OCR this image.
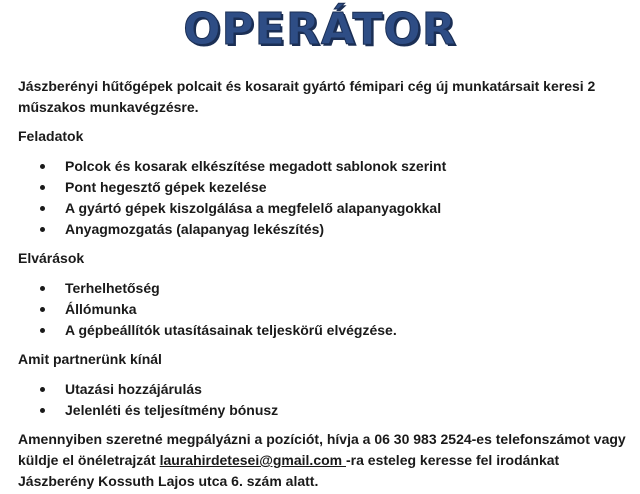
OPERÁTOR

Jászberényi hűtőgépek polcait és kosarait gyártó fémipari cég új munkatársait keresi 2 műszakos munkavégzésre.

Feladatok

Polcok és kosarak elkészítése megadott sablonok szerint
Pont hegesztő gépek kezelése
A gyártó gépek kiszolgálása a megfelelő alapanyagokkal
Anyagmozgatás (alapanyag lekészítés)

Elvárások

Terhelhetőség
Állómunka
A gépbeállítók utasításainak teljeskörű elvégzése.

Amit partnerünk kínál

Utazási hozzájárulás
Jelenléti és teljesítmény bónusz

Amennyiben szeretné megpályázni a pozíciót, hívja a 06 30 983 2524-es telefonszámot vagy küldje el önéletrajzát laurahirdetesei@gmail.com -ra esteleg keresse fel irodánkat Jászberény Kossuth Lajos utca 6. szám alatt.
